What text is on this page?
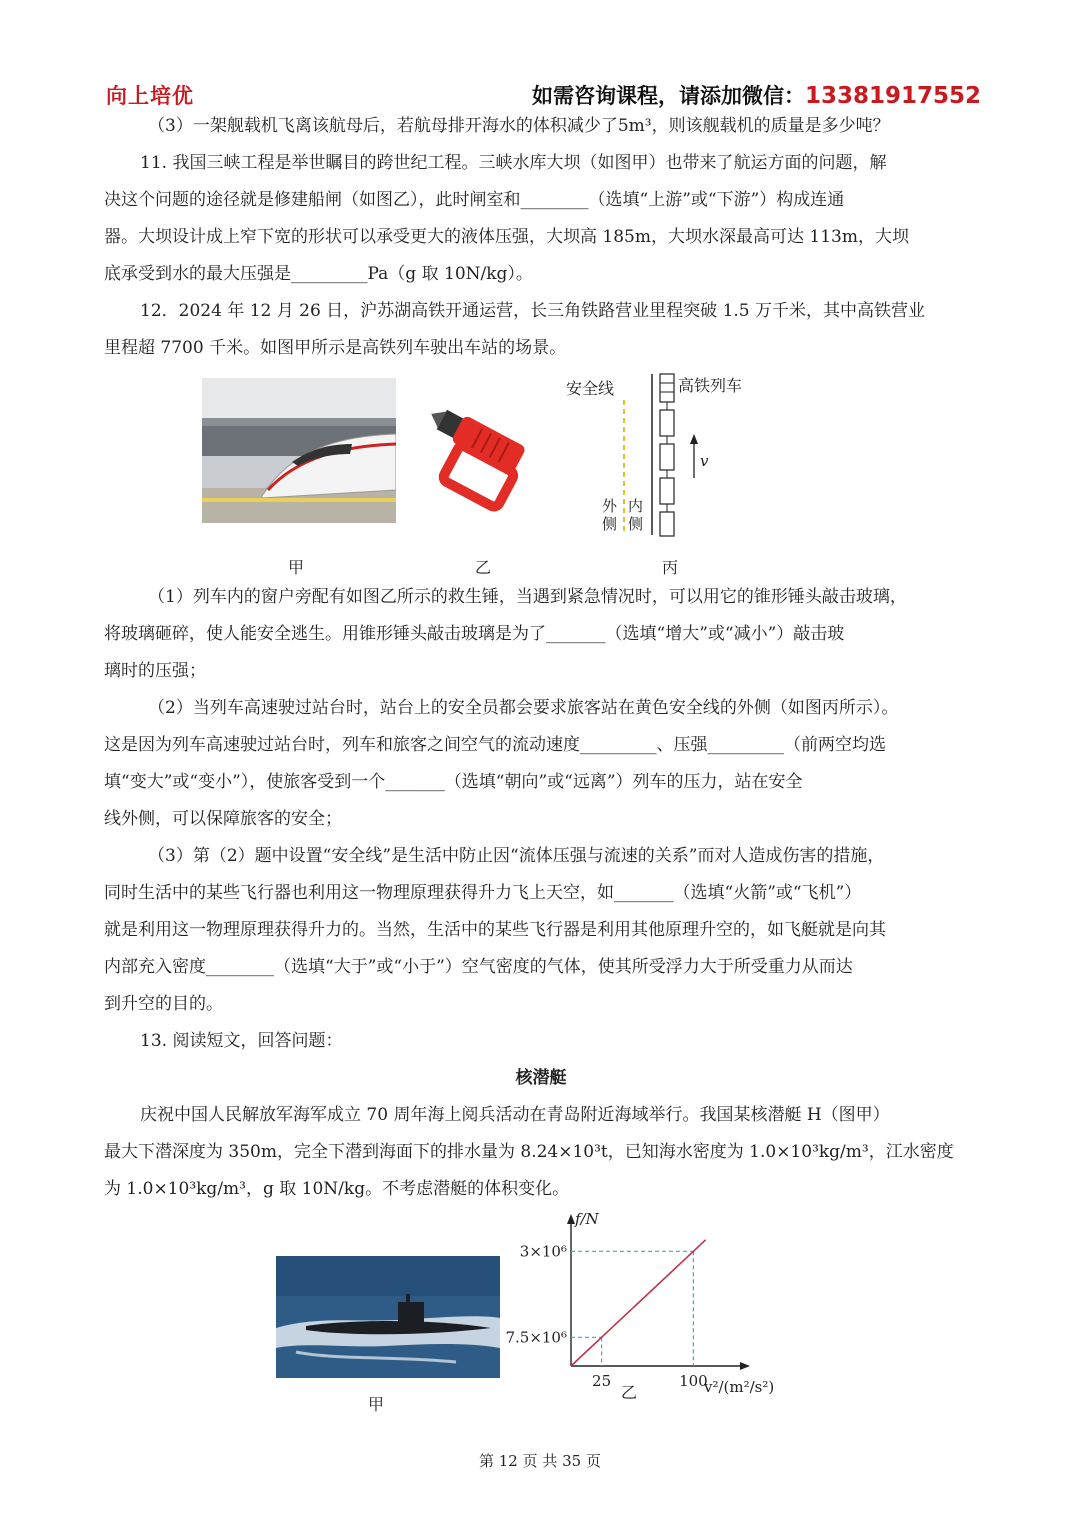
向上培优	如需咨询课程，请添加微信：13381917552
（3）一架舰载机飞离该航母后，若航母排开海水的体积减少了5m³，则该舰载机的质量是多少吨？
11. 我国三峡工程是举世瞩目的跨世纪工程。三峡水库大坝（如图甲）也带来了航运方面的问题，解
决这个问题的途径就是修建船闸（如图乙），此时闸室和________（选填“上游”或“下游”）构成连通
器。大坝设计成上窄下宽的形状可以承受更大的液体压强，大坝高 185m，大坝水深最高可达 113m，大坝
底承受到水的最大压强是_________Pa（g 取 10N/kg）。
12．2024 年 12 月 26 日，沪苏湖高铁开通运营，长三角铁路营业里程突破 1.5 万千米，其中高铁营业
里程超 7700 千米。如图甲所示是高铁列车驶出车站的场景。
安全线	高铁列车
v
外
侧
内
侧
甲	乙	丙
（1）列车内的窗户旁配有如图乙所示的救生锤，当遇到紧急情况时，可以用它的锥形锤头敲击玻璃，
将玻璃砸碎，使人能安全逃生。用锥形锤头敲击玻璃是为了_______（选填“增大”或“减小”）敲击玻
璃时的压强；
（2）当列车高速驶过站台时，站台上的安全员都会要求旅客站在黄色安全线的外侧（如图丙所示）。
这是因为列车高速驶过站台时，列车和旅客之间空气的流动速度_________、压强_________（前两空均选
填“变大”或“变小”），使旅客受到一个_______（选填“朝向”或“远离”）列车的压力，站在安全
线外侧，可以保障旅客的安全；
（3）第（2）题中设置“安全线”是生活中防止因“流体压强与流速的关系”而对人造成伤害的措施，
同时生活中的某些飞行器也利用这一物理原理获得升力飞上天空，如_______（选填“火箭”或“飞机”）
就是利用这一物理原理获得升力的。当然，生活中的某些飞行器是利用其他原理升空的，如飞艇就是向其
内部充入密度________（选填“大于”或“小于”）空气密度的气体，使其所受浮力大于所受重力从而达
到升空的目的。
13. 阅读短文，回答问题：
核潜艇
庆祝中国人民解放军海军成立 70 周年海上阅兵活动在青岛附近海域举行。我国某核潜艇 H（图甲）
最大下潜深度为 350m，完全下潜到海面下的排水量为 8.24×10³t，已知海水密度为 1.0×10³kg/m³，江水密度
为 1.0×10³kg/m³，g 取 10N/kg。不考虑潜艇的体积变化。
甲
25	100
7.5×10⁶
3×10⁶
f/N
v²/(m²/s²)
乙
第 12 页 共 35 页
